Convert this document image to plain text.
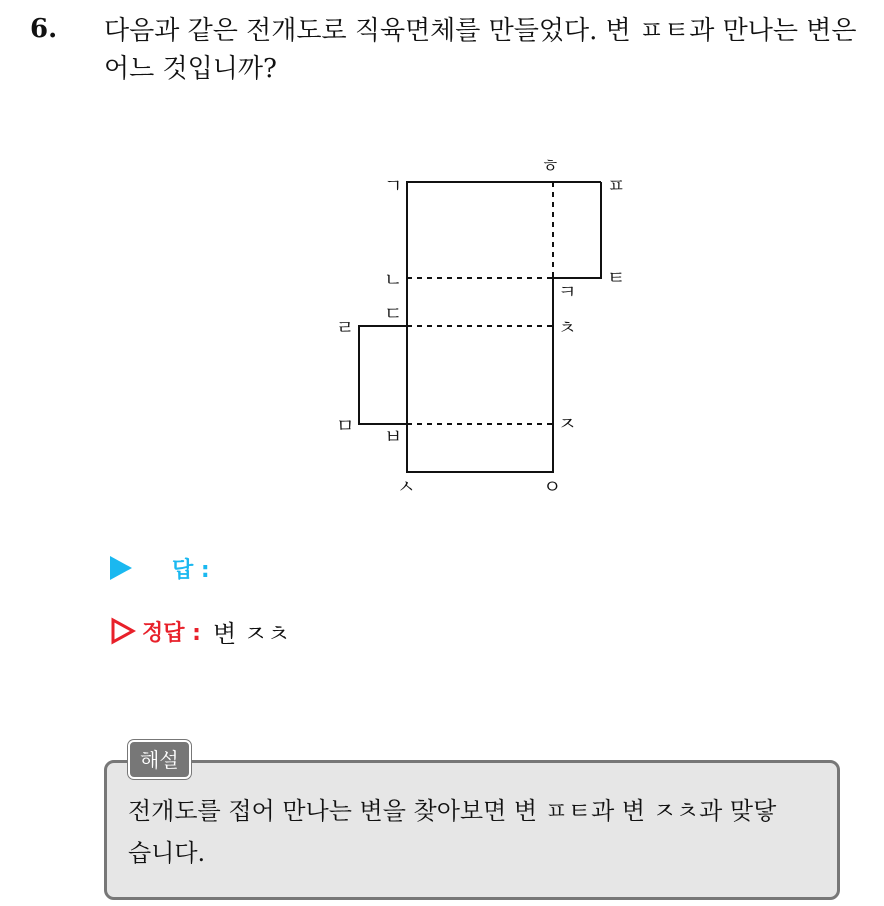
6. 다음과 같은 전개도로 직육면체를 만들었다. 변 ㅍㅌ과 만나는 변은
어느 것입니까?
ㄱ
ㅎ
ㅍ
ㄴ
ㅋ
ㅌ
ㄷ
ㅊ
ㄹ
ㅁ ㅂ
ㅈ
ㅅ	ㅇ
답 :
정답 : 변 ㅈㅊ
해설
전개도를 접어 만나는 변을 찾아보면 변 ㅍㅌ과 변 ㅈㅊ과 맞닿
습니다.
